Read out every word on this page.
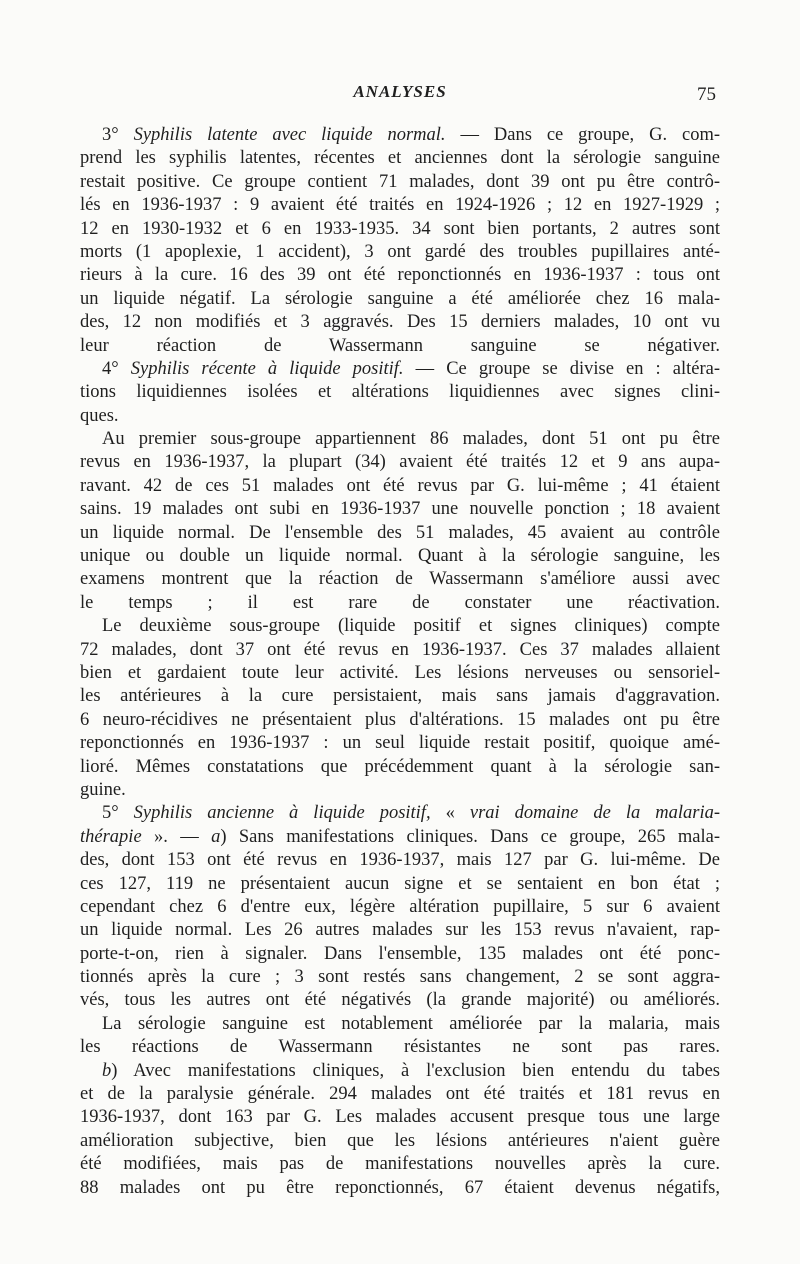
ANALYSES	75
3° Syphilis latente avec liquide normal. — Dans ce groupe, G. com-
prend les syphilis latentes, récentes et anciennes dont la sérologie sanguine
restait positive. Ce groupe contient 71 malades, dont 39 ont pu être contrô-
lés en 1936-1937 : 9 avaient été traités en 1924-1926 ; 12 en 1927-1929 ;
12 en 1930-1932 et 6 en 1933-1935. 34 sont bien portants, 2 autres sont
morts (1 apoplexie, 1 accident), 3 ont gardé des troubles pupillaires anté-
rieurs à la cure. 16 des 39 ont été reponctionnés en 1936-1937 : tous ont
un liquide négatif. La sérologie sanguine a été améliorée chez 16 mala-
des, 12 non modifiés et 3 aggravés. Des 15 derniers malades, 10 ont vu
leur réaction de Wassermann sanguine se négativer.
4° Syphilis récente à liquide positif. — Ce groupe se divise en : altéra-
tions liquidiennes isolées et altérations liquidiennes avec signes clini-
ques.
Au premier sous-groupe appartiennent 86 malades, dont 51 ont pu être
revus en 1936-1937, la plupart (34) avaient été traités 12 et 9 ans aupa-
ravant. 42 de ces 51 malades ont été revus par G. lui-même ; 41 étaient
sains. 19 malades ont subi en 1936-1937 une nouvelle ponction ; 18 avaient
un liquide normal. De l'ensemble des 51 malades, 45 avaient au contrôle
unique ou double un liquide normal. Quant à la sérologie sanguine, les
examens montrent que la réaction de Wassermann s'améliore aussi avec
le temps ; il est rare de constater une réactivation.
Le deuxième sous-groupe (liquide positif et signes cliniques) compte
72 malades, dont 37 ont été revus en 1936-1937. Ces 37 malades allaient
bien et gardaient toute leur activité. Les lésions nerveuses ou sensoriel-
les antérieures à la cure persistaient, mais sans jamais d'aggravation.
6 neuro-récidives ne présentaient plus d'altérations. 15 malades ont pu être
reponctionnés en 1936-1937 : un seul liquide restait positif, quoique amé-
lioré. Mêmes constatations que précédemment quant à la sérologie san-
guine.
5° Syphilis ancienne à liquide positif, « vrai domaine de la malaria-
thérapie ». — a) Sans manifestations cliniques. Dans ce groupe, 265 mala-
des, dont 153 ont été revus en 1936-1937, mais 127 par G. lui-même. De
ces 127, 119 ne présentaient aucun signe et se sentaient en bon état ;
cependant chez 6 d'entre eux, légère altération pupillaire, 5 sur 6 avaient
un liquide normal. Les 26 autres malades sur les 153 revus n'avaient, rap-
porte-t-on, rien à signaler. Dans l'ensemble, 135 malades ont été ponc-
tionnés après la cure ; 3 sont restés sans changement, 2 se sont aggra-
vés, tous les autres ont été négativés (la grande majorité) ou améliorés.
La sérologie sanguine est notablement améliorée par la malaria, mais
les réactions de Wassermann résistantes ne sont pas rares.
b) Avec manifestations cliniques, à l'exclusion bien entendu du tabes
et de la paralysie générale. 294 malades ont été traités et 181 revus en
1936-1937, dont 163 par G. Les malades accusent presque tous une large
amélioration subjective, bien que les lésions antérieures n'aient guère
été modifiées, mais pas de manifestations nouvelles après la cure.
88 malades ont pu être reponctionnés, 67 étaient devenus négatifs,
